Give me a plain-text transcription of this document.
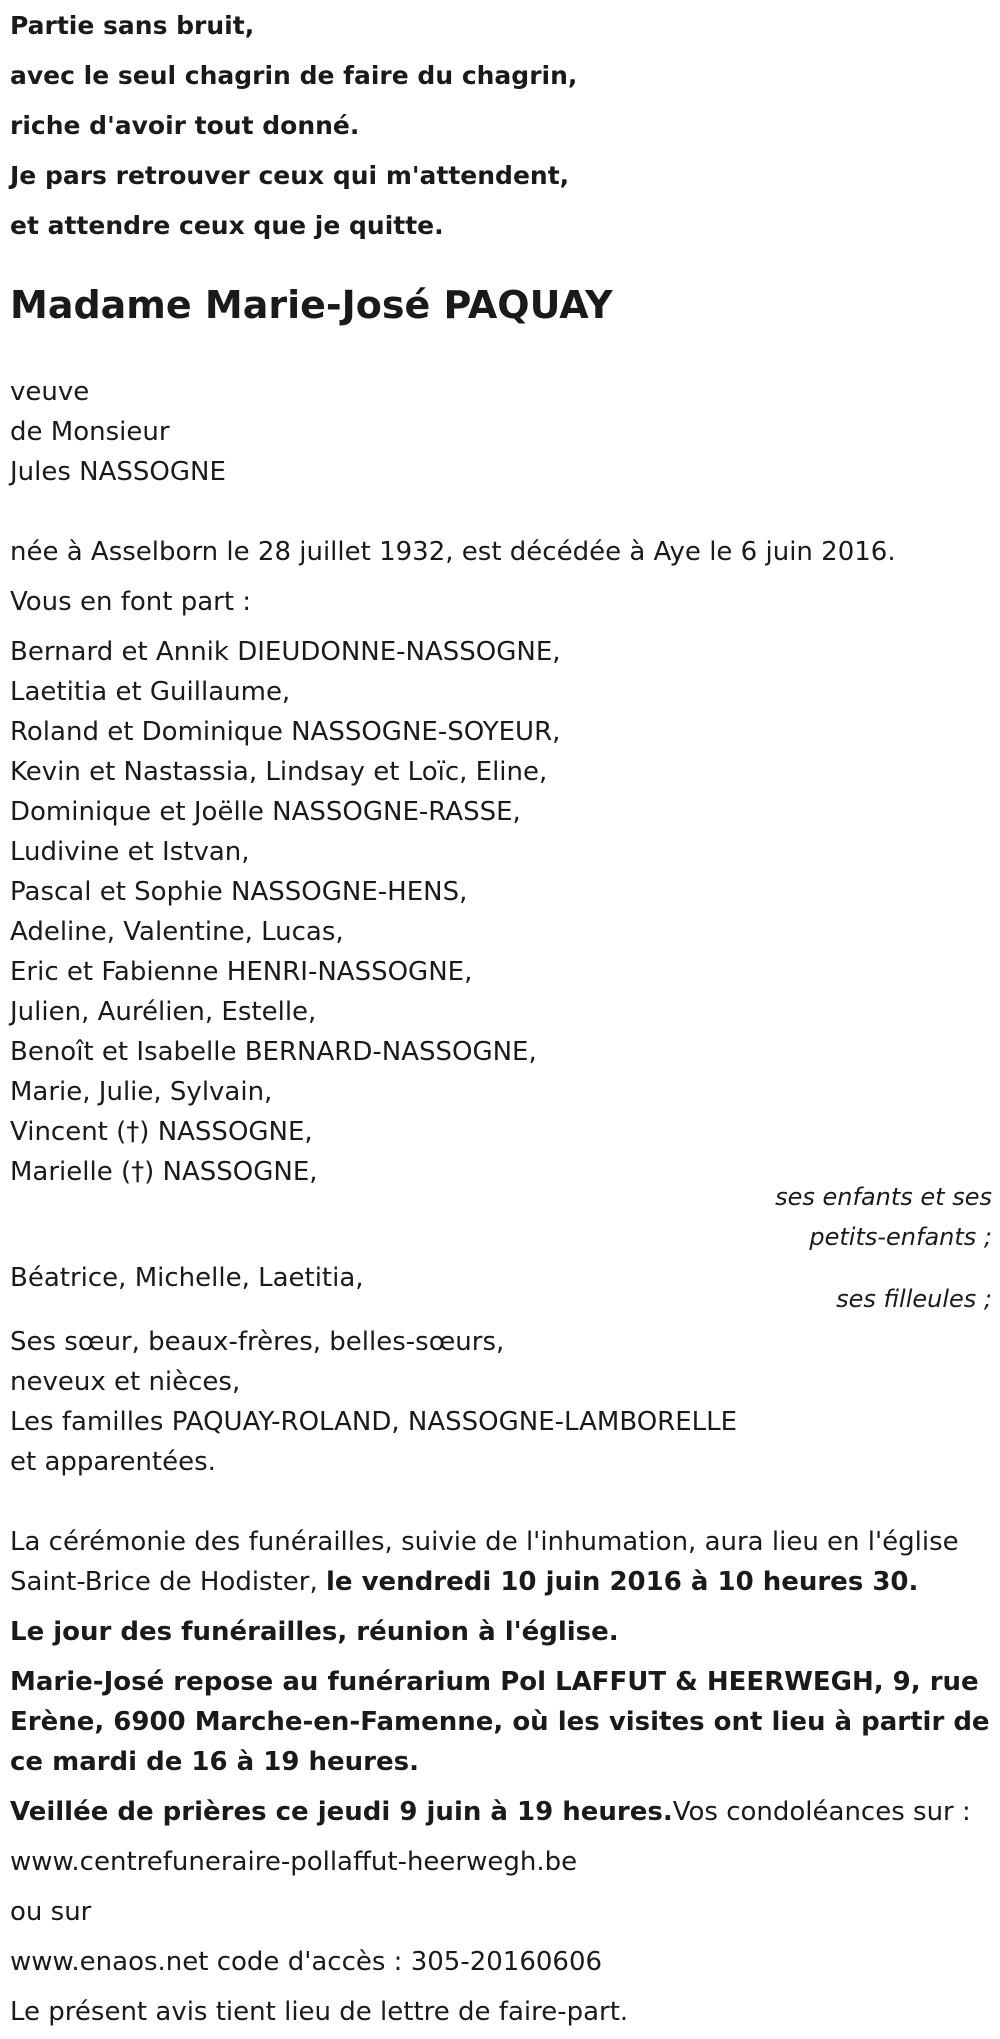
Partie sans bruit,
avec le seul chagrin de faire du chagrin,
riche d'avoir tout donné.
Je pars retrouver ceux qui m'attendent,
et attendre ceux que je quitte.
Madame Marie-José PAQUAY
veuve
de Monsieur
Jules NASSOGNE
née à Asselborn le 28 juillet 1932, est décédée à Aye le 6 juin 2016.
Vous en font part :
Bernard et Annik DIEUDONNE-NASSOGNE,
Laetitia et Guillaume,
Roland et Dominique NASSOGNE-SOYEUR,
Kevin et Nastassia, Lindsay et Loïc, Eline,
Dominique et Joëlle NASSOGNE-RASSE,
Ludivine et Istvan,
Pascal et Sophie NASSOGNE-HENS,
Adeline, Valentine, Lucas,
Eric et Fabienne HENRI-NASSOGNE,
Julien, Aurélien, Estelle,
Benoît et Isabelle BERNARD-NASSOGNE,
Marie, Julie, Sylvain,
Vincent (†) NASSOGNE,
Marielle (†) NASSOGNE,
ses enfants et ses
petits-enfants ;
Béatrice, Michelle, Laetitia,
ses filleules ;
Ses sœur, beaux-frères, belles-sœurs,
neveux et nièces,
Les familles PAQUAY-ROLAND, NASSOGNE-LAMBORELLE
et apparentées.
La cérémonie des funérailles, suivie de l'inhumation, aura lieu en l'église
Saint-Brice de Hodister, le vendredi 10 juin 2016 à 10 heures 30.
Le jour des funérailles, réunion à l'église.
Marie-José repose au funérarium Pol LAFFUT & HEERWEGH, 9, rue Erène, 6900 Marche-en-Famenne, où les visites ont lieu à partir de ce mardi de 16 à 19 heures.
Veillée de prières ce jeudi 9 juin à 19 heures.Vos condoléances sur :
www.centrefuneraire-pollaffut-heerwegh.be
ou sur
www.enaos.net code d'accès : 305-20160606
Le présent avis tient lieu de lettre de faire-part.
